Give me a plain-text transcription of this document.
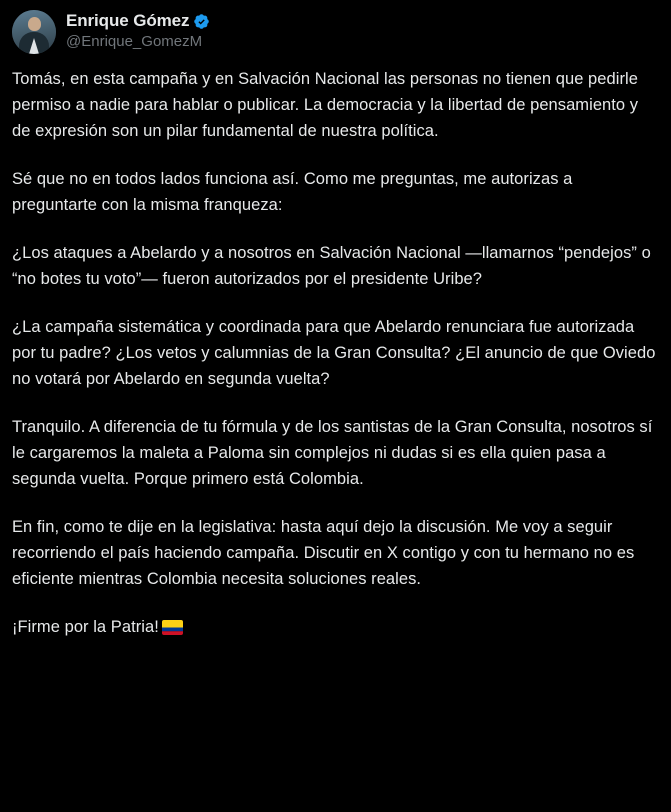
Enrique Gómez
@Enrique_GomezM

Tomás, en esta campaña y en Salvación Nacional las personas no tienen que pedirle permiso a nadie para hablar o publicar. La democracia y la libertad de pensamiento y de expresión son un pilar fundamental de nuestra política.

Sé que no en todos lados funciona así. Como me preguntas, me autorizas a preguntarte con la misma franqueza:

¿Los ataques a Abelardo y a nosotros en Salvación Nacional —llamarnos “pendejos” o “no botes tu voto”— fueron autorizados por el presidente Uribe?

¿La campaña sistemática y coordinada para que Abelardo renunciara fue autorizada por tu padre? ¿Los vetos y calumnias de la Gran Consulta? ¿El anuncio de que Oviedo no votará por Abelardo en segunda vuelta?

Tranquilo. A diferencia de tu fórmula y de los santistas de la Gran Consulta, nosotros sí le cargaremos la maleta a Paloma sin complejos ni dudas si es ella quien pasa a segunda vuelta. Porque primero está Colombia.

En fin, como te dije en la legislativa: hasta aquí dejo la discusión. Me voy a seguir recorriendo el país haciendo campaña. Discutir en X contigo y con tu hermano no es eficiente mientras Colombia necesita soluciones reales.

¡Firme por la Patria!
